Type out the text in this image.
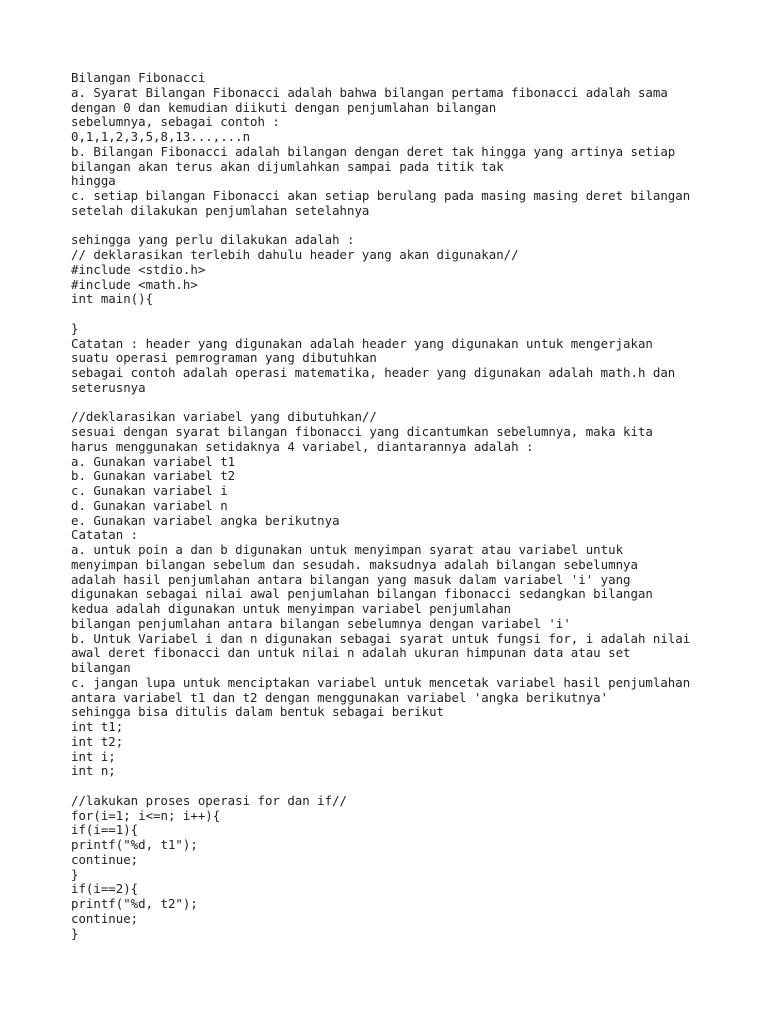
Bilangan Fibonacci
a. Syarat Bilangan Fibonacci adalah bahwa bilangan pertama fibonacci adalah sama
dengan 0 dan kemudian diikuti dengan penjumlahan bilangan
sebelumnya, sebagai contoh :
0,1,1,2,3,5,8,13...,...n
b. Bilangan Fibonacci adalah bilangan dengan deret tak hingga yang artinya setiap
bilangan akan terus akan dijumlahkan sampai pada titik tak
hingga
c. setiap bilangan Fibonacci akan setiap berulang pada masing masing deret bilangan
setelah dilakukan penjumlahan setelahnya
sehingga yang perlu dilakukan adalah :
// deklarasikan terlebih dahulu header yang akan digunakan//
#include <stdio.h>
#include <math.h>
int main(){
}
Catatan : header yang digunakan adalah header yang digunakan untuk mengerjakan
suatu operasi pemrograman yang dibutuhkan
sebagai contoh adalah operasi matematika, header yang digunakan adalah math.h dan
seterusnya
//deklarasikan variabel yang dibutuhkan//
sesuai dengan syarat bilangan fibonacci yang dicantumkan sebelumnya, maka kita
harus menggunakan setidaknya 4 variabel, diantarannya adalah :
a. Gunakan variabel t1
b. Gunakan variabel t2
c. Gunakan variabel i
d. Gunakan variabel n
e. Gunakan variabel angka berikutnya
Catatan :
a. untuk poin a dan b digunakan untuk menyimpan syarat atau variabel untuk
menyimpan bilangan sebelum dan sesudah. maksudnya adalah bilangan sebelumnya
adalah hasil penjumlahan antara bilangan yang masuk dalam variabel 'i' yang
digunakan sebagai nilai awal penjumlahan bilangan fibonacci sedangkan bilangan
kedua adalah digunakan untuk menyimpan variabel penjumlahan
bilangan penjumlahan antara bilangan sebelumnya dengan variabel 'i'
b. Untuk Variabel i dan n digunakan sebagai syarat untuk fungsi for, i adalah nilai
awal deret fibonacci dan untuk nilai n adalah ukuran himpunan data atau set
bilangan
c. jangan lupa untuk menciptakan variabel untuk mencetak variabel hasil penjumlahan
antara variabel t1 dan t2 dengan menggunakan variabel 'angka berikutnya'
sehingga bisa ditulis dalam bentuk sebagai berikut
int t1;
int t2;
int i;
int n;
//lakukan proses operasi for dan if//
for(i=1; i<=n; i++){
if(i==1){
printf("%d, t1");
continue;
}
if(i==2){
printf("%d, t2");
continue;
}
